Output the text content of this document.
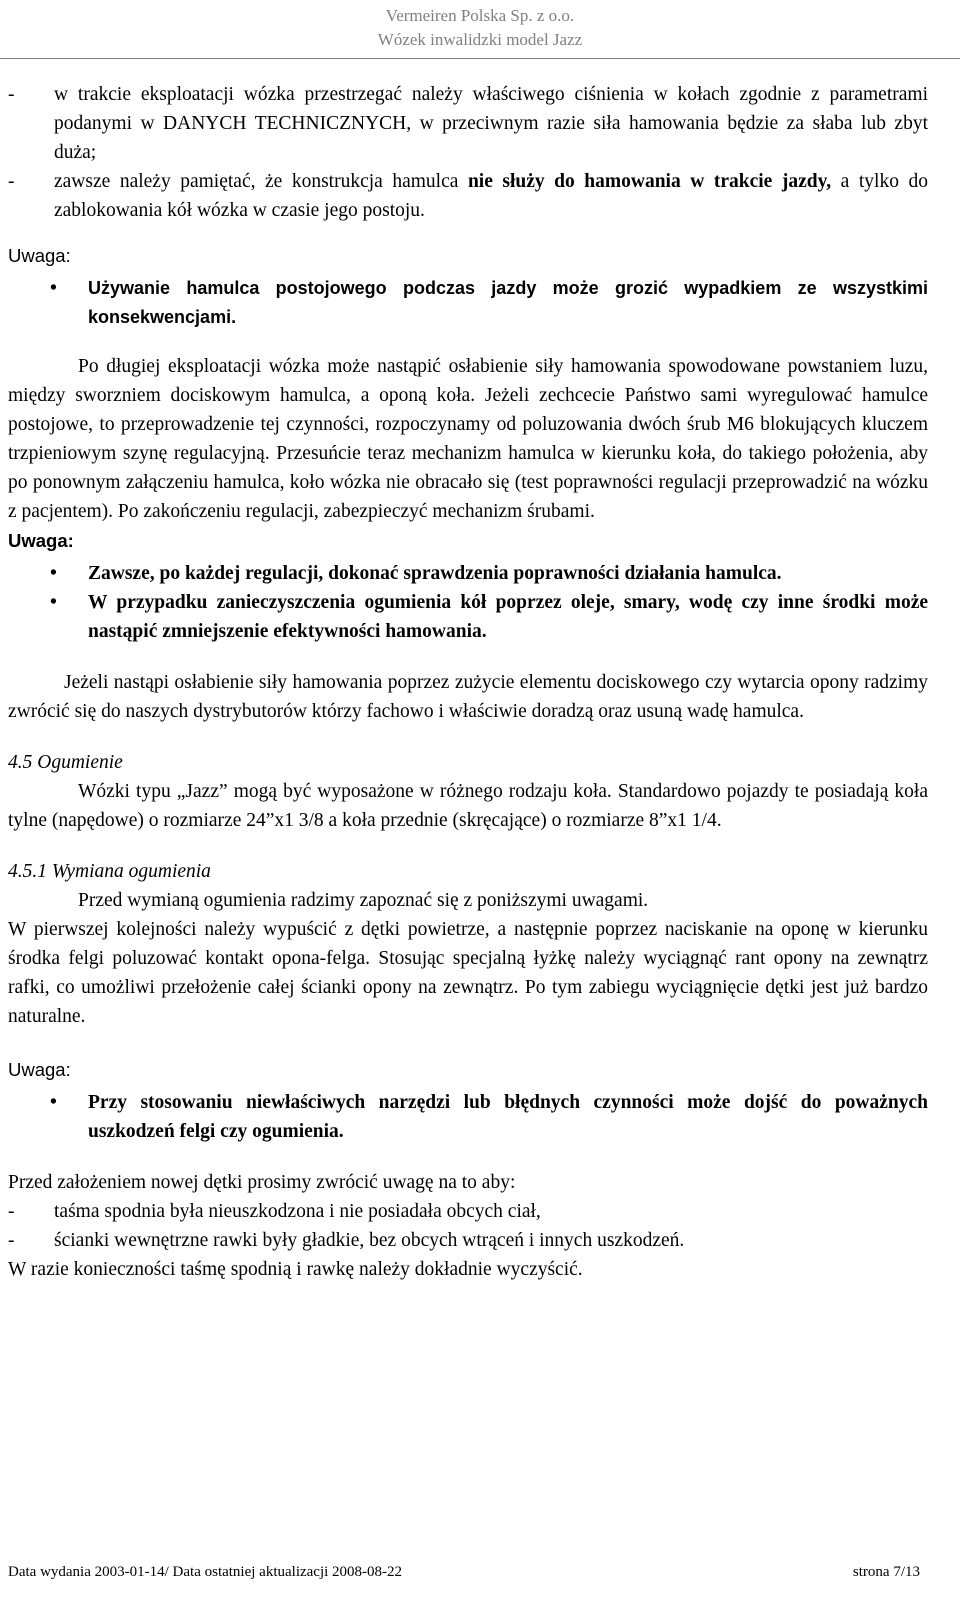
Vermeiren Polska Sp. z o.o.
Wózek inwalidzki model Jazz
-	w trakcie eksploatacji wózka przestrzegać należy właściwego ciśnienia w kołach zgodnie z parametrami podanymi w DANYCH TECHNICZNYCH, w przeciwnym razie siła hamowania będzie za słaba lub zbyt duża;
-	zawsze należy pamiętać, że konstrukcja hamulca nie służy do hamowania w trakcie jazdy, a tylko do zablokowania kół wózka w czasie jego postoju.

Uwaga:

•	Używanie hamulca postojowego podczas jazdy może grozić wypadkiem ze wszystkimi konsekwencjami.

Po długiej eksploatacji wózka może nastąpić osłabienie siły hamowania spowodowane powstaniem luzu, między sworzniem dociskowym hamulca, a oponą koła. Jeżeli zechcecie Państwo sami wyregulować hamulce postojowe, to przeprowadzenie tej czynności, rozpoczynamy od poluzowania dwóch śrub M6 blokujących kluczem trzpieniowym szynę regulacyjną. Przesuńcie teraz mechanizm hamulca w kierunku koła, do takiego położenia, aby po ponownym załączeniu hamulca, koło wózka nie obracało się (test poprawności regulacji przeprowadzić na wózku z pacjentem). Po zakończeniu regulacji, zabezpieczyć mechanizm śrubami.

Uwaga:

•	Zawsze, po każdej regulacji, dokonać sprawdzenia poprawności działania hamulca.
•	W przypadku zanieczyszczenia ogumienia kół poprzez oleje, smary, wodę czy inne środki może nastąpić zmniejszenie efektywności hamowania.

Jeżeli nastąpi osłabienie siły hamowania poprzez zużycie elementu dociskowego czy wytarcia opony radzimy zwrócić się do naszych dystrybutorów którzy fachowo i właściwie doradzą oraz usuną wadę hamulca.

4.5 Ogumienie

Wózki typu „Jazz” mogą być wyposażone w różnego rodzaju koła. Standardowo pojazdy te posiadają koła tylne (napędowe) o rozmiarze 24”x1 3/8 a koła przednie (skręcające) o rozmiarze 8”x1 1/4.

4.5.1 Wymiana ogumienia

Przed wymianą ogumienia radzimy zapoznać się z poniższymi uwagami.

W pierwszej kolejności należy wypuścić z dętki powietrze, a następnie poprzez naciskanie na oponę w kierunku środka felgi poluzować kontakt opona-felga. Stosując specjalną łyżkę należy wyciągnąć rant opony na zewnątrz rafki, co umożliwi przełożenie całej ścianki opony na zewnątrz. Po tym zabiegu wyciągnięcie dętki jest już bardzo naturalne.

Uwaga:

•	Przy stosowaniu niewłaściwych narzędzi lub błędnych czynności może dojść do poważnych uszkodzeń felgi czy ogumienia.

Przed założeniem nowej dętki prosimy zwrócić uwagę na to aby:

-	taśma spodnia była nieuszkodzona i nie posiadała obcych ciał,
-	ścianki wewnętrzne rawki były gładkie, bez obcych wtrąceń i innych uszkodzeń.

W razie konieczności taśmę spodnią i rawkę należy dokładnie wyczyścić.

Data wydania 2003-01-14/ Data ostatniej aktualizacji 2008-08-22	strona 7/13
